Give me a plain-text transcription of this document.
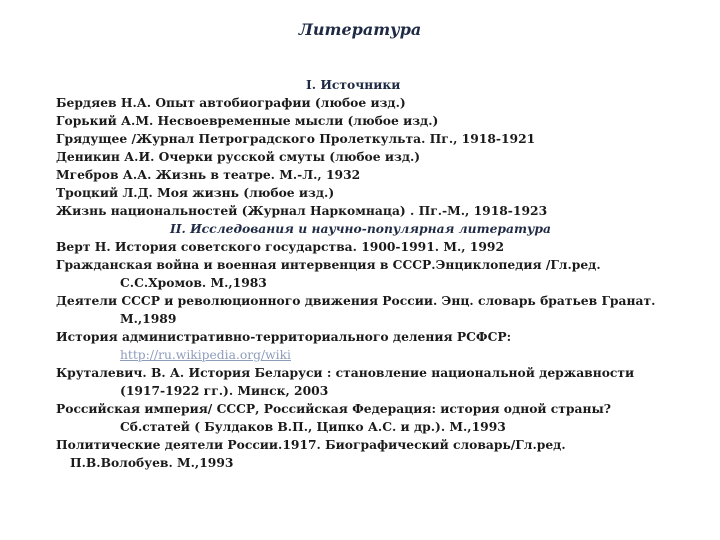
Литература
I. Источники
Бердяев Н.А. Опыт автобиографии (любое изд.)
Горький А.М. Несвоевременные мысли (любое изд.)
Грядущее /Журнал Петроградского Пролеткульта. Пг., 1918-1921
Деникин А.И. Очерки русской смуты (любое изд.)
Мгебров А.А. Жизнь в театре. М.-Л., 1932
Троцкий Л.Д. Моя жизнь (любое изд.)
Жизнь национальностей (Журнал Наркомнаца) . Пг.-М., 1918-1923
II. Исследования и научно-популярная литература
Верт Н. История советского государства. 1900-1991. М., 1992
Гражданская война и военная интервенция в СССР.Энциклопедия /Гл.ред.
С.С.Хромов. М.,1983
Деятели СССР и революционного движения России. Энц. словарь братьев Гранат.
М.,1989
История административно-территориального деления РСФСР:
http://ru.wikipedia.org/wiki
Круталевич. В. А. История Беларуси : становление национальной державности
(1917-1922 гг.). Минск, 2003
Российская империя/ СССР, Российская Федерация: история одной страны?
Сб.статей ( Булдаков В.П., Ципко А.С. и др.). М.,1993
Политические деятели России.1917. Биографический словарь/Гл.ред.
П.В.Волобуев. М.,1993
